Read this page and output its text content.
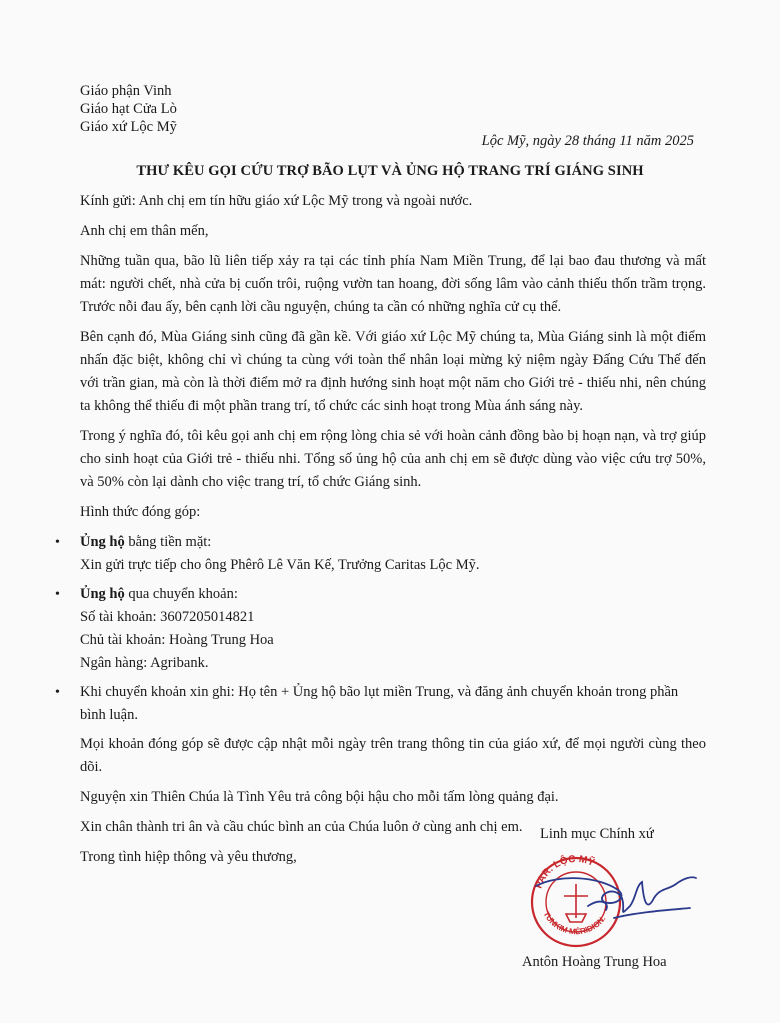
Giáo phận Vinh
Giáo hạt Cửa Lò
Giáo xứ Lộc Mỹ
Lộc Mỹ, ngày 28 tháng 11 năm 2025
THƯ KÊU GỌI CỨU TRỢ BÃO LỤT VÀ ỦNG HỘ TRANG TRÍ GIÁNG SINH

Kính gửi: Anh chị em tín hữu giáo xứ Lộc Mỹ trong và ngoài nước.

Anh chị em thân mến,

Những tuần qua, bão lũ liên tiếp xảy ra tại các tỉnh phía Nam Miền Trung, để lại bao đau thương và mất mát: người chết, nhà cửa bị cuốn trôi, ruộng vườn tan hoang, đời sống lâm vào cảnh thiếu thốn trầm trọng. Trước nỗi đau ấy, bên cạnh lời cầu nguyện, chúng ta cần có những nghĩa cử cụ thể.

Bên cạnh đó, Mùa Giáng sinh cũng đã gần kề. Với giáo xứ Lộc Mỹ chúng ta, Mùa Giáng sinh là một điểm nhấn đặc biệt, không chỉ vì chúng ta cùng với toàn thể nhân loại mừng kỷ niệm ngày Đấng Cứu Thế đến với trần gian, mà còn là thời điểm mở ra định hướng sinh hoạt một năm cho Giới trẻ - thiếu nhi, nên chúng ta không thể thiếu đi một phần trang trí, tổ chức các sinh hoạt trong Mùa ánh sáng này.

Trong ý nghĩa đó, tôi kêu gọi anh chị em rộng lòng chia sẻ với hoàn cảnh đồng bào bị hoạn nạn, và trợ giúp cho sinh hoạt của Giới trẻ - thiếu nhi. Tổng số ủng hộ của anh chị em sẽ được dùng vào việc cứu trợ 50%, và 50% còn lại dành cho việc trang trí, tổ chức Giáng sinh.

Hình thức đóng góp:

• Ủng hộ bằng tiền mặt:
Xin gửi trực tiếp cho ông Phêrô Lê Văn Kế, Trưởng Caritas Lộc Mỹ.
• Ủng hộ qua chuyển khoản:
Số tài khoản: 3607205014821
Chủ tài khoản: Hoàng Trung Hoa
Ngân hàng: Agribank.
• Khi chuyển khoản xin ghi: Họ tên + Ủng hộ bão lụt miền Trung, và đăng ảnh chuyển khoản trong phần bình luận.

Mọi khoản đóng góp sẽ được cập nhật mỗi ngày trên trang thông tin của giáo xứ, để mọi người cùng theo dõi.

Nguyện xin Thiên Chúa là Tình Yêu trả công bội hậu cho mỗi tấm lòng quảng đại.

Xin chân thành tri ân và cầu chúc bình an của Chúa luôn ở cùng anh chị em.

Trong tình hiệp thông và yêu thương,

Linh mục Chính xứ
PAR. LỘC MỸ
TUNKIM MÉRIDION.
Antôn Hoàng Trung Hoa
